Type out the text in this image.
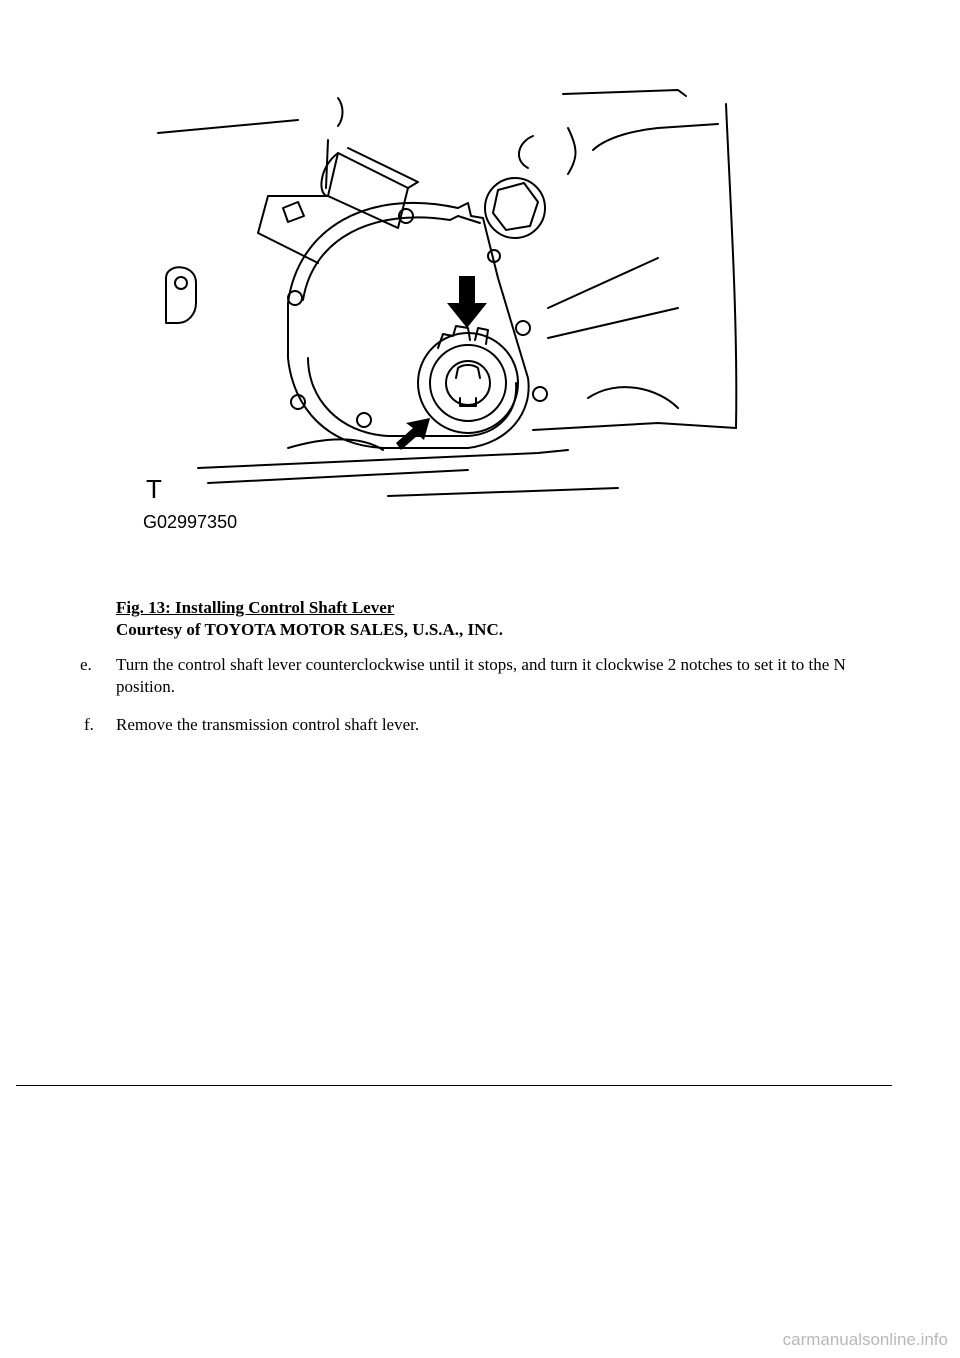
T
G02997350
Fig. 13: Installing Control Shaft Lever
Courtesy of TOYOTA MOTOR SALES, U.S.A., INC.
e.	Turn the control shaft lever counterclockwise until it stops, and turn it clockwise 2 notches to set it to the N position.
f.	Remove the transmission control shaft lever.
carmanualsonline.info
